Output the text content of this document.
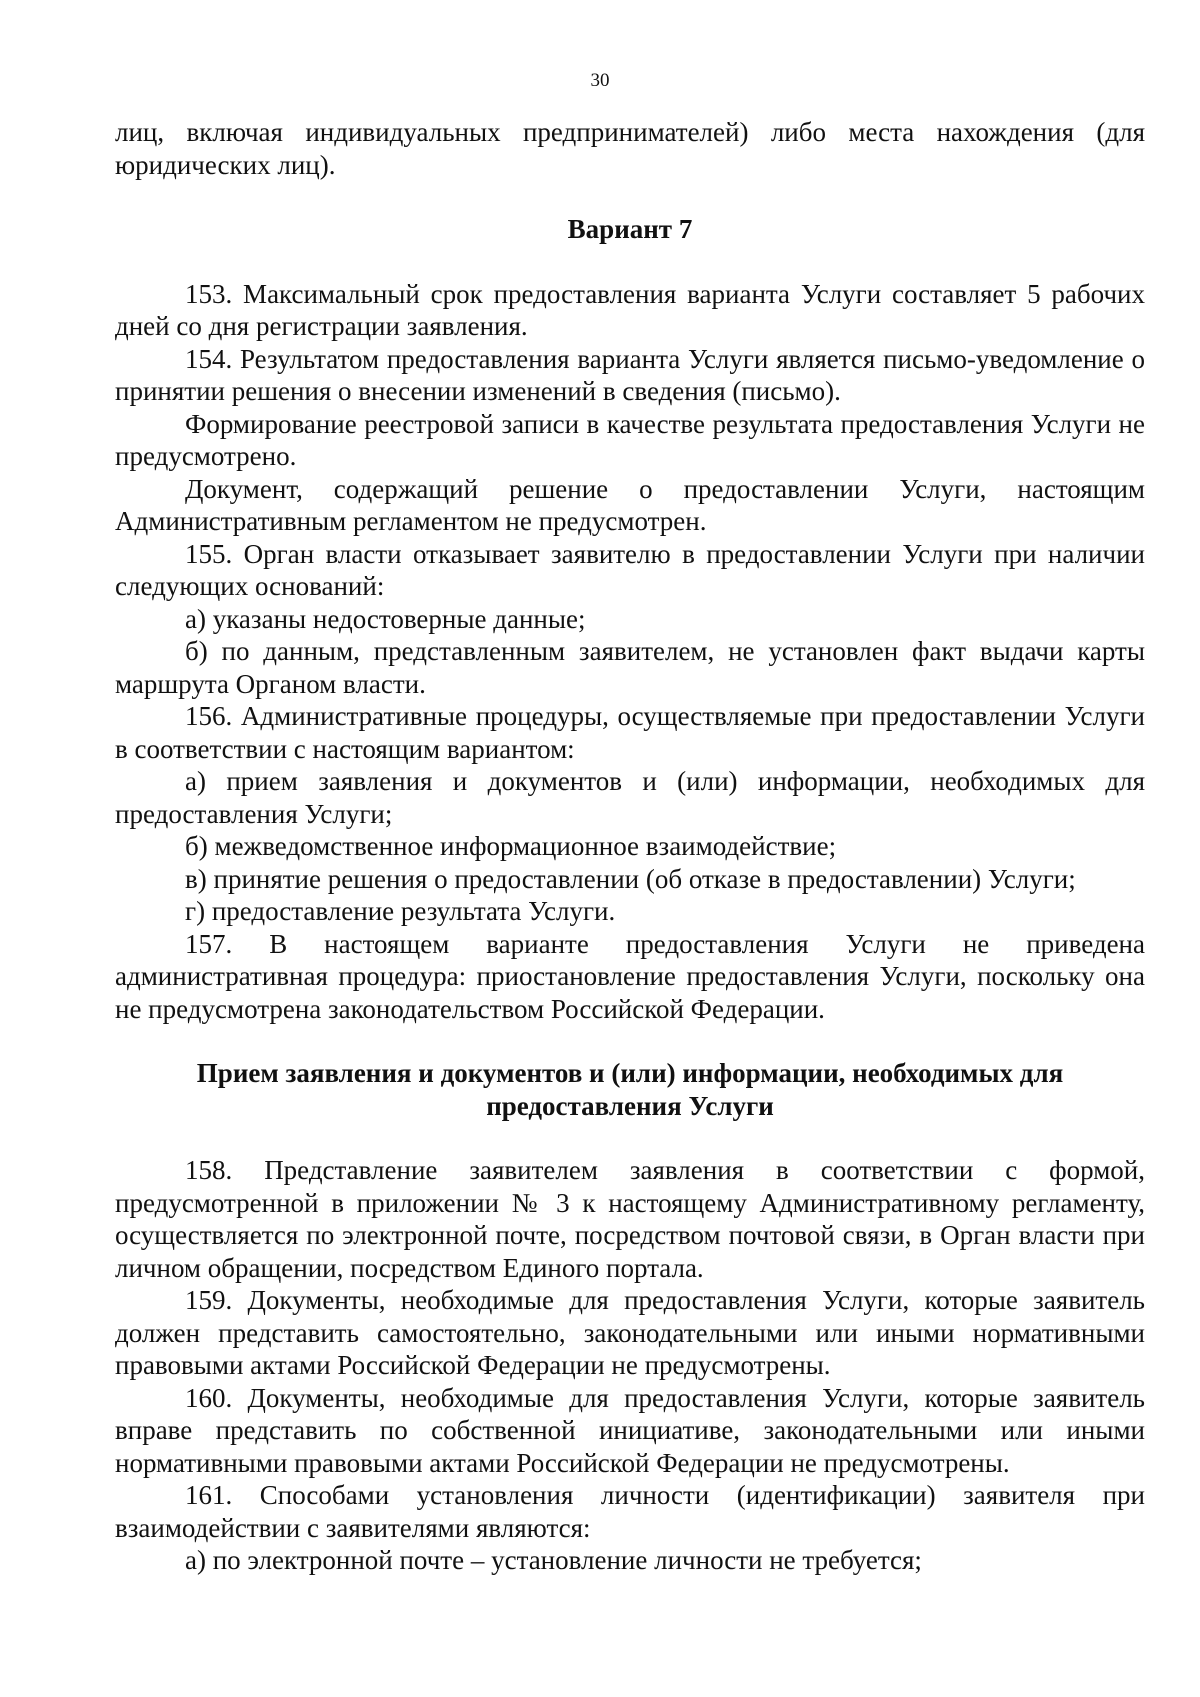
30

лиц, включая индивидуальных предпринимателей) либо места нахождения (для юридических лиц).

Вариант 7

153. Максимальный срок предоставления варианта Услуги составляет 5 рабочих дней со дня регистрации заявления.

154. Результатом предоставления варианта Услуги является письмо-уведомление о принятии решения о внесении изменений в сведения (письмо).

Формирование реестровой записи в качестве результата предоставления Услуги не предусмотрено.

Документ, содержащий решение о предоставлении Услуги, настоящим Административным регламентом не предусмотрен.

155. Орган власти отказывает заявителю в предоставлении Услуги при наличии следующих оснований:

а) указаны недостоверные данные;

б) по данным, представленным заявителем, не установлен факт выдачи карты маршрута Органом власти.

156. Административные процедуры, осуществляемые при предоставлении Услуги в соответствии с настоящим вариантом:

а) прием заявления и документов и (или) информации, необходимых для предоставления Услуги;

б) межведомственное информационное взаимодействие;

в) принятие решения о предоставлении (об отказе в предоставлении) Услуги;

г) предоставление результата Услуги.

157. В настоящем варианте предоставления Услуги не приведена административная процедура: приостановление предоставления Услуги, поскольку она не предусмотрена законодательством Российской Федерации.

Прием заявления и документов и (или) информации, необходимых для предоставления Услуги

158. Представление заявителем заявления в соответствии с формой, предусмотренной в приложении № 3 к настоящему Административному регламенту, осуществляется по электронной почте, посредством почтовой связи, в Орган власти при личном обращении, посредством Единого портала.

159. Документы, необходимые для предоставления Услуги, которые заявитель должен представить самостоятельно, законодательными или иными нормативными правовыми актами Российской Федерации не предусмотрены.

160. Документы, необходимые для предоставления Услуги, которые заявитель вправе представить по собственной инициативе, законодательными или иными нормативными правовыми актами Российской Федерации не предусмотрены.

161. Способами установления личности (идентификации) заявителя при взаимодействии с заявителями являются:

а) по электронной почте – установление личности не требуется;
